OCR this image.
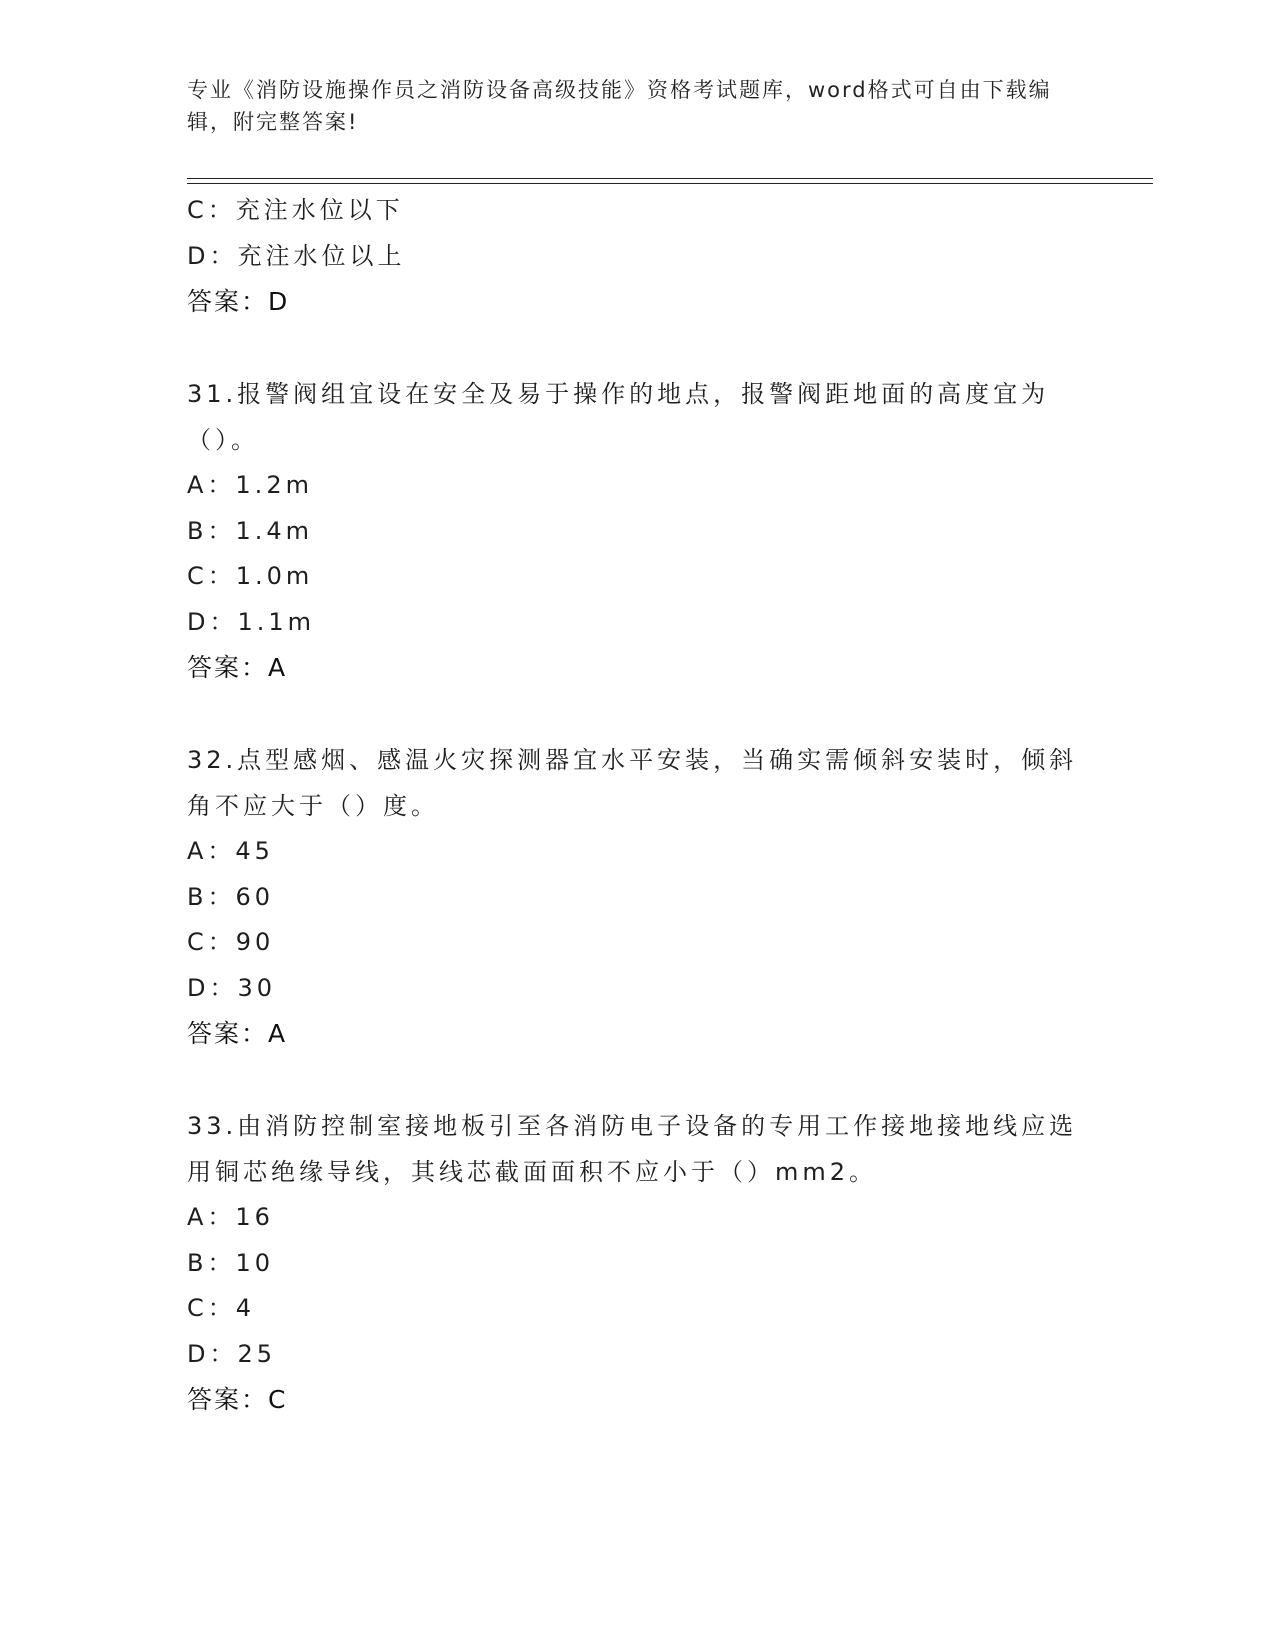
专业《消防设施操作员之消防设备高级技能》资格考试题库，word格式可自由下载编辑，附完整答案!
C：充注水位以下
D：充注水位以上
答案：D
31.报警阀组宜设在安全及易于操作的地点，报警阀距地面的高度宜为（）。
A：1.2m
B：1.4m
C：1.0m
D：1.1m
答案：A
32.点型感烟、感温火灾探测器宜水平安装，当确实需倾斜安装时，倾斜角不应大于（）度。
A：45
B：60
C：90
D：30
答案：A
33.由消防控制室接地板引至各消防电子设备的专用工作接地接地线应选用铜芯绝缘导线，其线芯截面面积不应小于（）mm2。
A：16
B：10
C：4
D：25
答案：C
